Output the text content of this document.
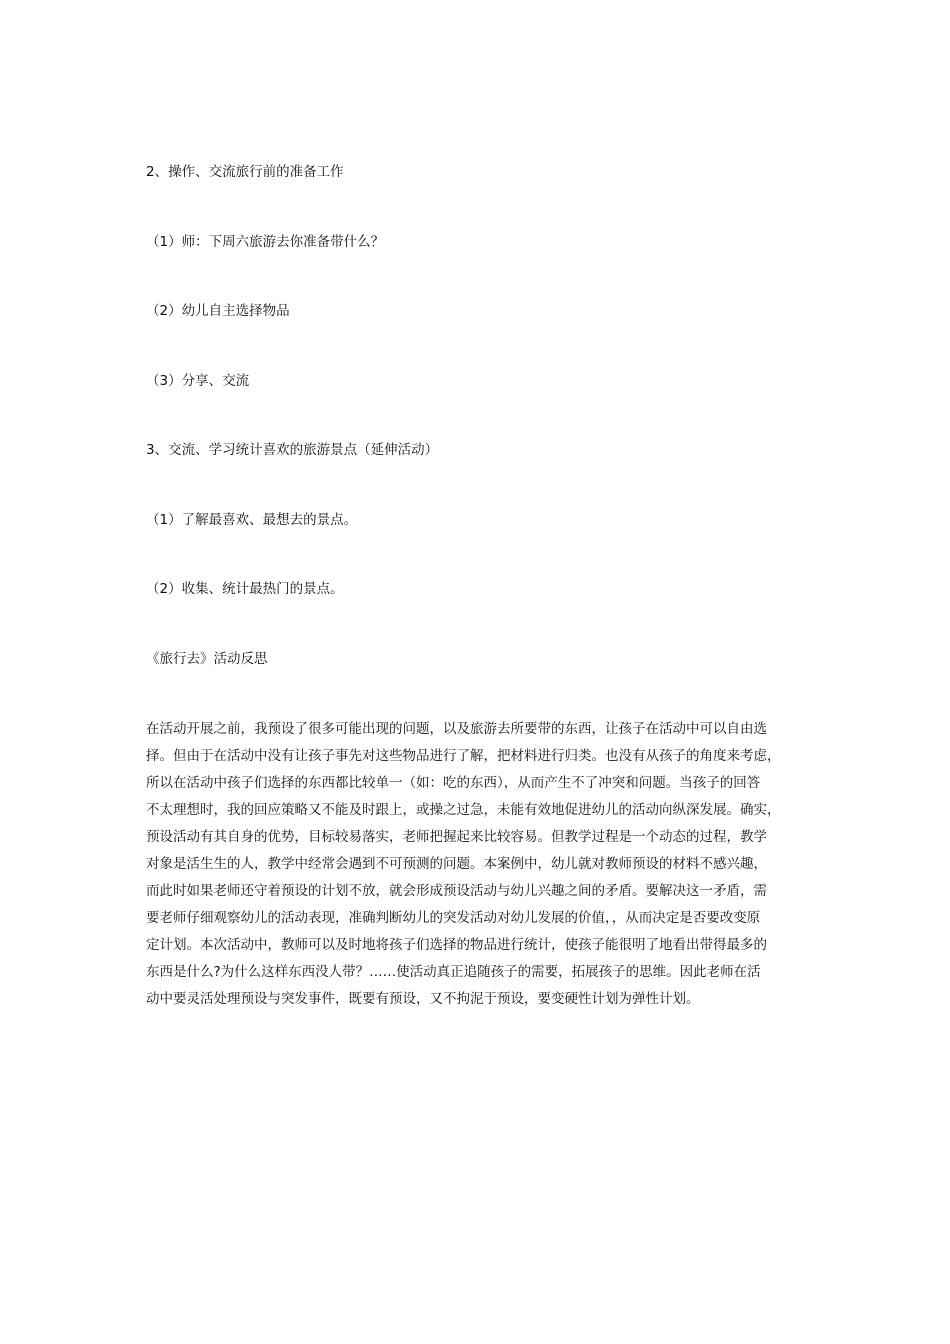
2、操作、交流旅行前的准备工作
（1）师：下周六旅游去你准备带什么？
（2）幼儿自主选择物品
（3）分享、交流
3、交流、学习统计喜欢的旅游景点（延伸活动）
（1）了解最喜欢、最想去的景点。
（2）收集、统计最热门的景点。
《旅行去》活动反思
在活动开展之前，我预设了很多可能出现的问题，以及旅游去所要带的东西，让孩子在活动中可以自由选
择。但由于在活动中没有让孩子事先对这些物品进行了解，把材料进行归类。也没有从孩子的角度来考虑，
所以在活动中孩子们选择的东西都比较单一（如：吃的东西），从而产生不了冲突和问题。当孩子的回答
不太理想时，我的回应策略又不能及时跟上，或操之过急，未能有效地促进幼儿的活动向纵深发展。确实，
预设活动有其自身的优势，目标较易落实，老师把握起来比较容易。但教学过程是一个动态的过程，教学
对象是活生生的人，教学中经常会遇到不可预测的问题。本案例中，幼儿就对教师预设的材料不感兴趣，
而此时如果老师还守着预设的计划不放，就会形成预设活动与幼儿兴趣之间的矛盾。要解决这一矛盾，需
要老师仔细观察幼儿的活动表现，准确判断幼儿的突发活动对幼儿发展的价值，，从而决定是否要改变原
定计划。本次活动中，教师可以及时地将孩子们选择的物品进行统计，使孩子能很明了地看出带得最多的
东西是什么?为什么这样东西没人带？……使活动真正追随孩子的需要，拓展孩子的思维。因此老师在活
动中要灵活处理预设与突发事件，既要有预设，又不拘泥于预设，要变硬性计划为弹性计划。
